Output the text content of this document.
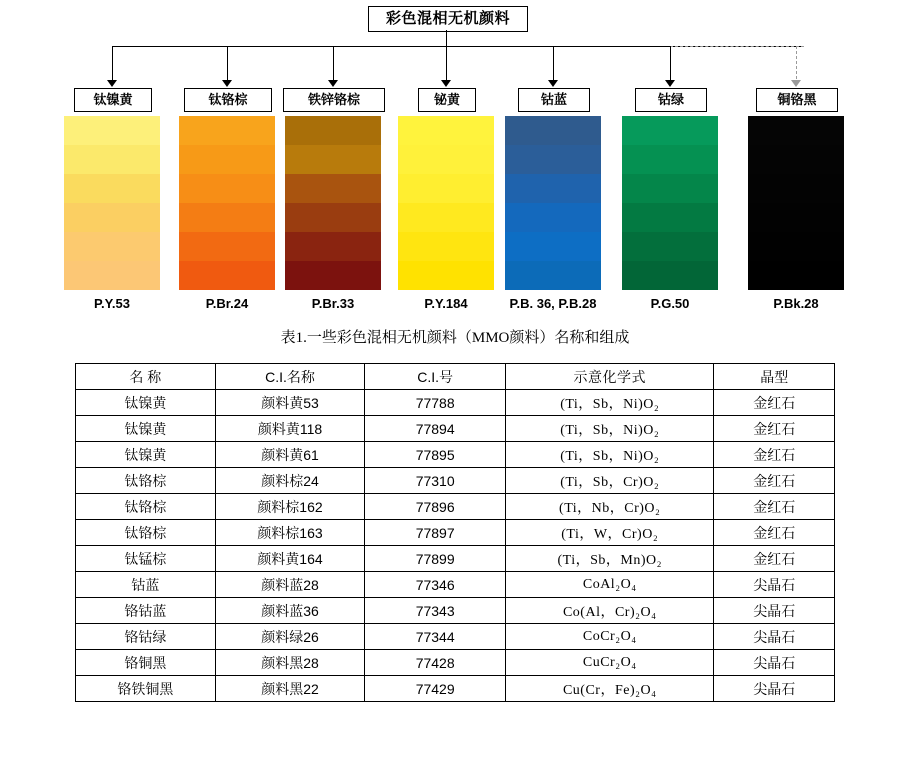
彩色混相无机颜料
钛镍黄
P.Y.53
钛铬棕
P.Br.24
铁锌铬棕
P.Br.33
铋黄
P.Y.184
钴蓝
P.B. 36, P.B.28
钴绿
P.G.50
铜铬黑
P.Bk.28
表1.一些彩色混相无机颜料（MMO颜料）名称和组成
名 称	C.I.名称	C.I.号	示意化学式	晶型
钛镍黄	颜料黄53	77788	(Ti，Sb，Ni)O₂	金红石
钛镍黄	颜料黄118	77894	(Ti，Sb，Ni)O₂	金红石
钛镍黄	颜料黄61	77895	(Ti，Sb，Ni)O₂	金红石
钛铬棕	颜料棕24	77310	(Ti，Sb，Cr)O₂	金红石
钛铬棕	颜料棕162	77896	(Ti，Nb，Cr)O₂	金红石
钛铬棕	颜料棕163	77897	(Ti，W，Cr)O₂	金红石
钛锰棕	颜料黄164	77899	(Ti，Sb，Mn)O₂	金红石
钴蓝	颜料蓝28	77346	CoAl₂O₄	尖晶石
铬钴蓝	颜料蓝36	77343	Co(Al，Cr)₂O₄	尖晶石
铬钴绿	颜料绿26	77344	CoCr₂O₄	尖晶石
铬铜黑	颜料黑28	77428	CuCr₂O₄	尖晶石
铬铁铜黑	颜料黑22	77429	Cu(Cr，Fe)₂O₄	尖晶石
